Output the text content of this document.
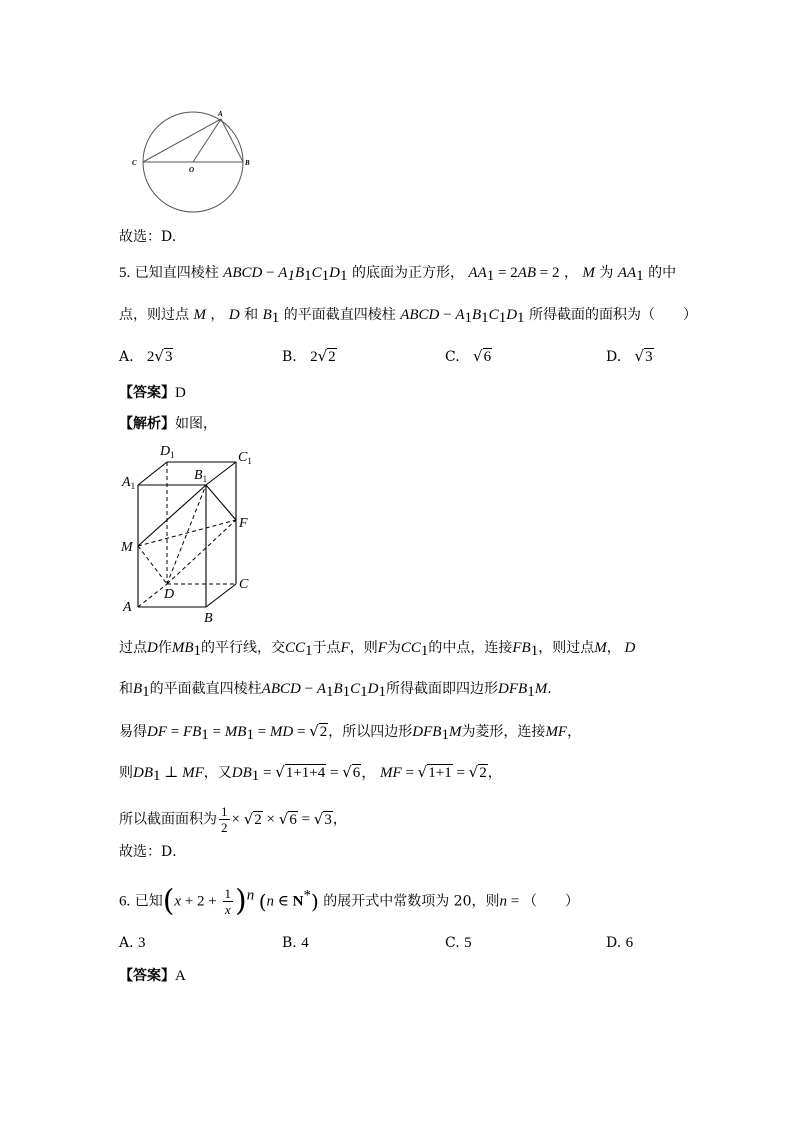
A
C	B
O
故选：D.
5. 已知直四棱柱 ABCD − $A_1B_1C_1D_1$ 的底面为正方形， $AA_1 = 2AB = 2$ ， M 为 $AA_1$ 的中
点，则过点 M ， D 和 $B_1$ 的平面截直四棱柱 ABCD − $A_1B_1C_1D_1$ 所得截面的面积为（　　）
A. 2√3	B. 2√2	C. √6	D. √3
【答案】D
【解析】如图，
$D_1$	$C_1$
$A_1$
$B_1$
F
M
D
C
A
B
过点D作$MB_1$的平行线，交$CC_1$于点F，则F为$CC_1$的中点，连接$FB_1$，则过点M， D
和$B_1$的平面截直四棱柱ABCD − $A_1B_1C_1D_1$所得截面即四边形$DFB_1M$.
易得DF = $FB_1 = MB_1$ = MD = √2，所以四边形$DFB_1M$为菱形，连接MF，
则$DB_1$ ⊥ MF，又$DB_1 = √1+1+4 = √6$， MF = √1+1 = √2，
所以截面面积为 $\frac{1}{2} \times √2 \times √6 = √3$，
故选：D．
6. 已知$(x + 2 + \frac{1}{x} )^n$ (n ∈ N*) 的展开式中常数项为 20，则n = （　　）
A. 3	B. 4	C. 5	D. 6
【答案】A
